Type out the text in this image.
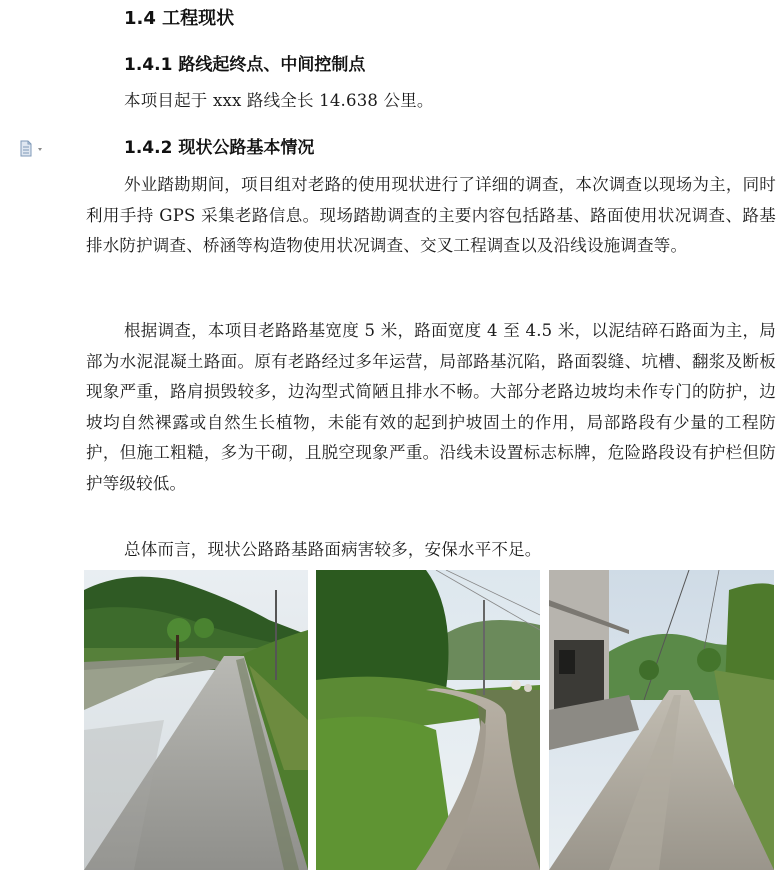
1.4 工程现状
1.4.1 路线起终点、中间控制点

本项目起于 xxx 路线全长 14.638 公里。

1.4.2 现状公路基本情况

外业踏勘期间，项目组对老路的使用现状进行了详细的调查，本次调查以现场为主，同时利用手持 GPS 采集老路信息。现场踏勘调查的主要内容包括路基、路面使用状况调查、路基排水防护调查、桥涵等构造物使用状况调查、交叉工程调查以及沿线设施调查等。

根据调查，本项目老路路基宽度 5 米，路面宽度 4 至 4.5 米，以泥结碎石路面为主，局部为水泥混凝土路面。原有老路经过多年运营，局部路基沉陷，路面裂缝、坑槽、翻浆及断板现象严重，路肩损毁较多，边沟型式简陋且排水不畅。大部分老路边坡均未作专门的防护，边坡均自然裸露或自然生长植物，未能有效的起到护坡固土的作用，局部路段有少量的工程防护，但施工粗糙，多为干砌，且脱空现象严重。沿线未设置标志标牌，危险路段设有护栏但防护等级较低。

总体而言，现状公路路基路面病害较多，安保水平不足。
